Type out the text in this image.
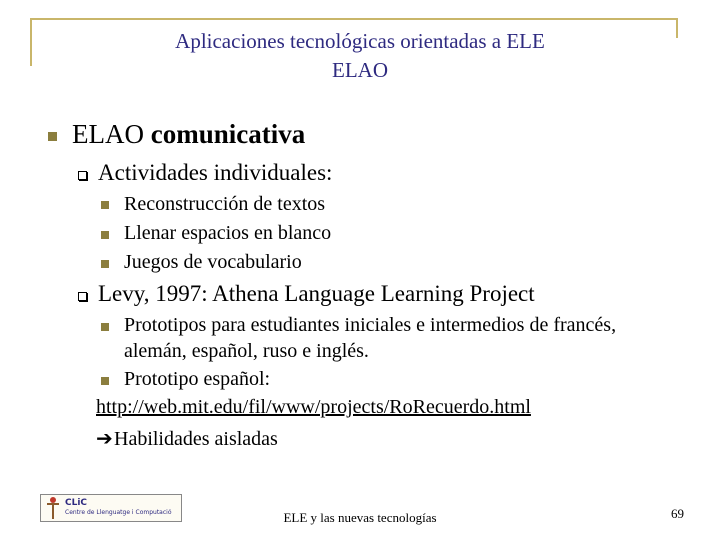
Aplicaciones tecnológicas orientadas a ELE
ELAO
ELAO comunicativa
Actividades individuales:
Reconstrucción de textos
Llenar espacios en blanco
Juegos de vocabulario
Levy, 1997: Athena Language Learning Project
Prototipos para estudiantes iniciales e intermedios de francés,
alemán, español, ruso e inglés.
Prototipo español:
http://web.mit.edu/fil/www/projects/RoRecuerdo.html
➔Habilidades aisladas
CLiC
Centre de Llenguatge i Computació	ELE y las nuevas tecnologías	69
